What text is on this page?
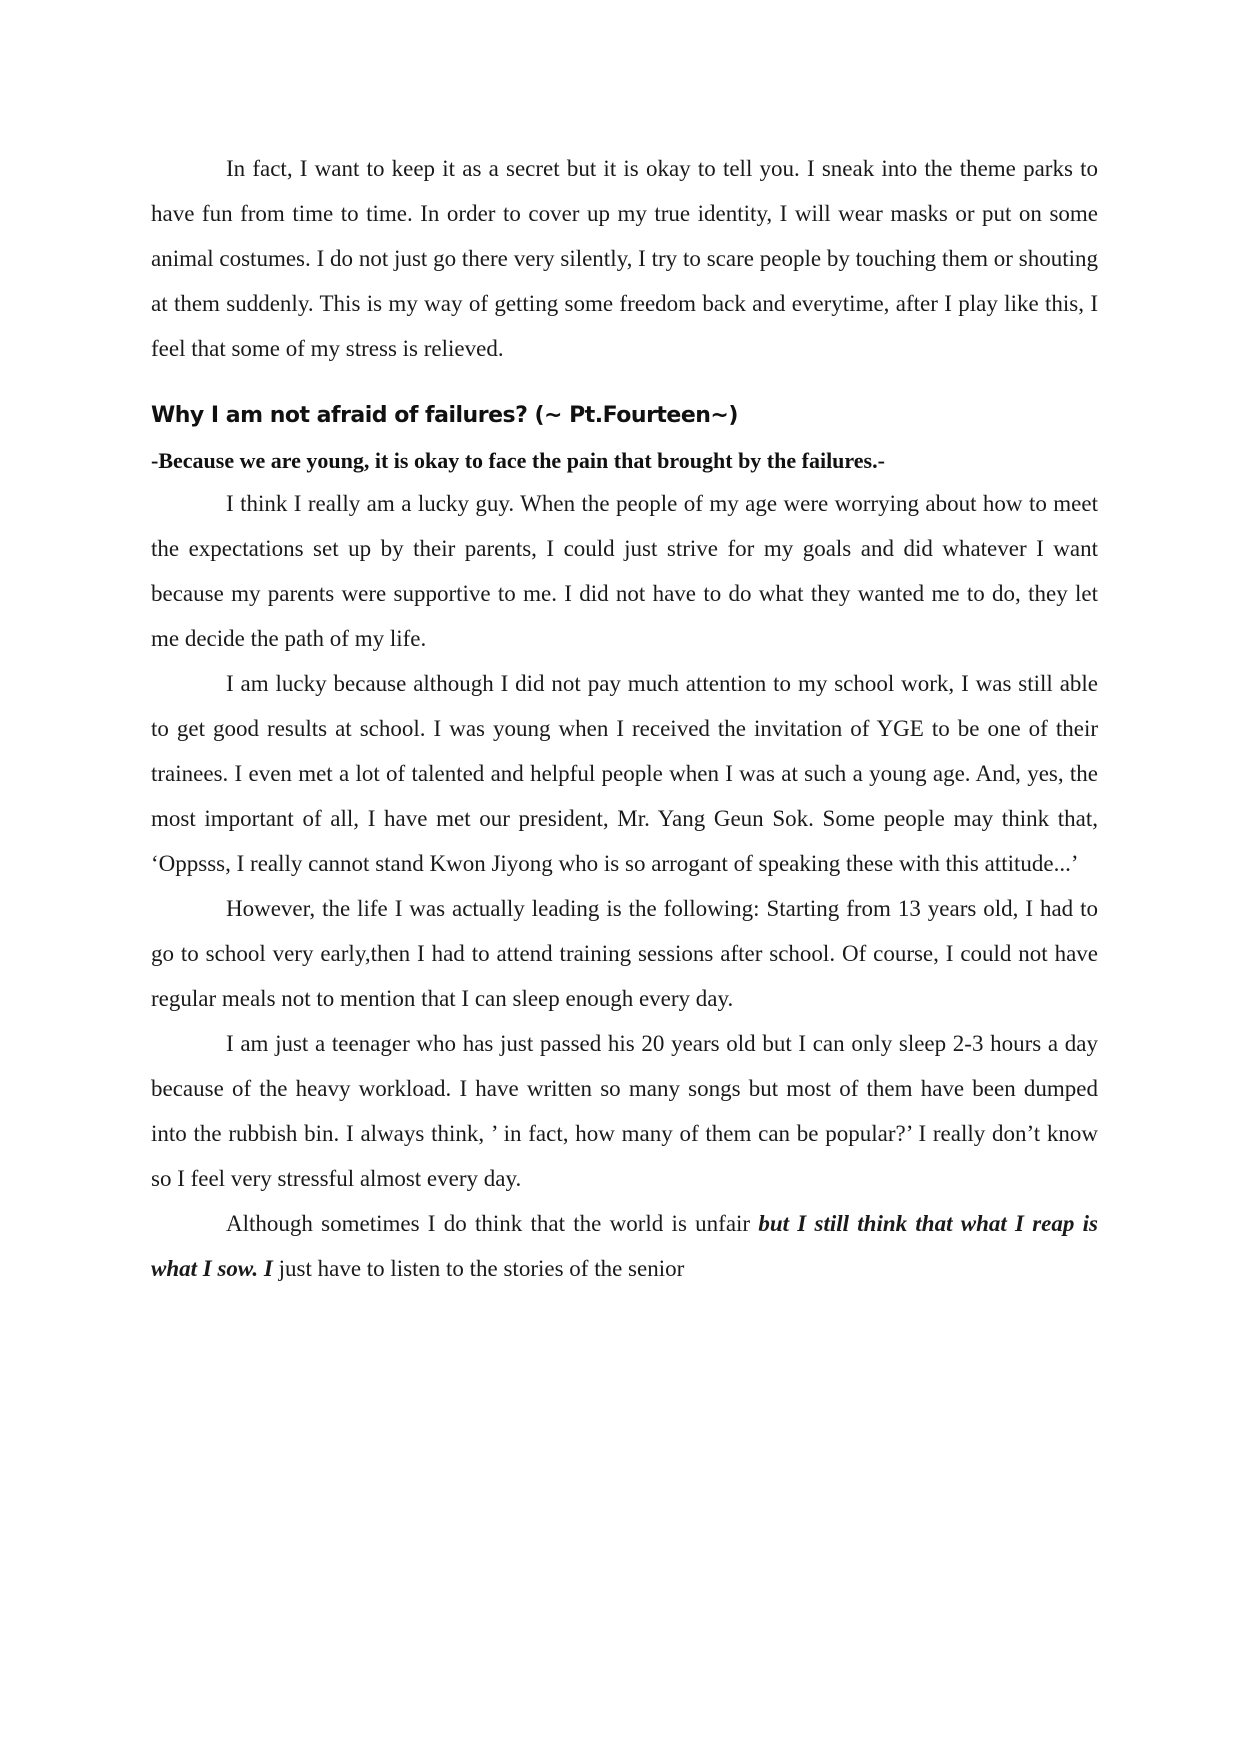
In fact, I want to keep it as a secret but it is okay to tell you. I sneak into the theme parks to have fun from time to time. In order to cover up my true identity, I will wear masks or put on some animal costumes. I do not just go there very silently, I try to scare people by touching them or shouting at them suddenly. This is my way of getting some freedom back and everytime, after I play like this, I feel that some of my stress is relieved.

Why I am not afraid of failures? (~ Pt.Fourteen~)

-Because we are young, it is okay to face the pain that brought by the failures.-

I think I really am a lucky guy. When the people of my age were worrying about how to meet the expectations set up by their parents, I could just strive for my goals and did whatever I want because my parents were supportive to me. I did not have to do what they wanted me to do, they let me decide the path of my life.

I am lucky because although I did not pay much attention to my school work, I was still able to get good results at school. I was young when I received the invitation of YGE to be one of their trainees. I even met a lot of talented and helpful people when I was at such a young age. And, yes, the most important of all, I have met our president, Mr. Yang Geun Sok. Some people may think that, ‘Oppsss, I really cannot stand Kwon Jiyong who is so arrogant of speaking these with this attitude...’

However, the life I was actually leading is the following: Starting from 13 years old, I had to go to school very early,then I had to attend training sessions after school. Of course, I could not have regular meals not to mention that I can sleep enough every day.

I am just a teenager who has just passed his 20 years old but I can only sleep 2-3 hours a day because of the heavy workload. I have written so many songs but most of them have been dumped into the rubbish bin. I always think, ’ in fact, how many of them can be popular?’ I really don’t know so I feel very stressful almost every day.

Although sometimes I do think that the world is unfair but I still think that what I reap is what I sow. I just have to listen to the stories of the senior
